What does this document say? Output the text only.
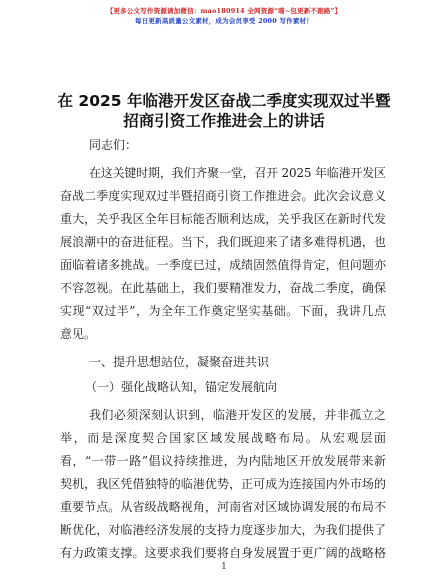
【更多公文写作资源请加微信：mao180914 全网资源“喵~包更新不跑路”】
每日更新高质量公文素材，成为会员享受 2000 写作素材！
在 2025 年临港开发区奋战二季度实现双过半暨
招商引资工作推进会上的讲话
同志们：
在这关键时期，我们齐聚一堂，召开 2025 年临港开发区
奋战二季度实现双过半暨招商引资工作推进会。此次会议意义
重大，关乎我区全年目标能否顺利达成，关乎我区在新时代发
展浪潮中的奋进征程。当下，我们既迎来了诸多难得机遇，也
面临着诸多挑战。一季度已过，成绩固然值得肯定，但问题亦
不容忽视。在此基础上，我们要精准发力，奋战二季度，确保
实现“双过半”，为全年工作奠定坚实基础。下面，我讲几点
意见。
一、提升思想站位，凝聚奋进共识
（一）强化战略认知，锚定发展航向
我们必须深刻认识到，临港开发区的发展，并非孤立之
举，而是深度契合国家区域发展战略布局。从宏观层面
看，“一带一路”倡议持续推进，为内陆地区开放发展带来新
契机，我区凭借独特的临港优势，正可成为连接国内外市场的
重要节点。从省级战略视角，河南省对区域协调发展的布局不
断优化，对临港经济发展的支持力度逐步加大，为我们提供了
有力政策支撑。这要求我们要将自身发展置于更广阔的战略格
1
